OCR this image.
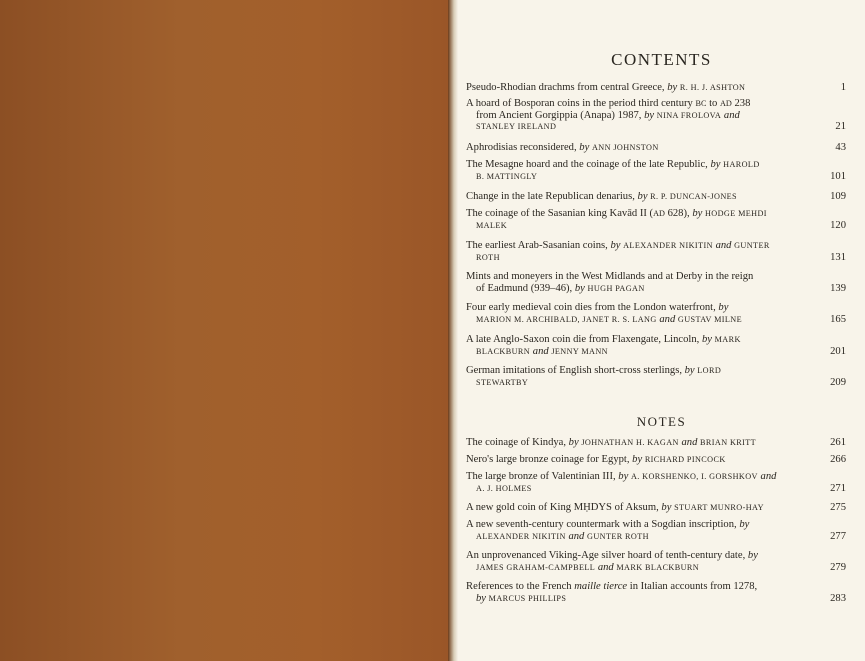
CONTENTS
Pseudo-Rhodian drachms from central Greece, by R. H. J. ASHTON	1
A hoard of Bosporan coins in the period third century BC to AD 238
from Ancient Gorgippia (Anapa) 1987, by NINA FROLOVA and
STANLEY IRELAND	21
Aphrodisias reconsidered, by ANN JOHNSTON	43
The Mesagne hoard and the coinage of the late Republic, by HAROLD
B. MATTINGLY	101
Change in the late Republican denarius, by R. P. DUNCAN-JONES	109
The coinage of the Sasanian king Kavād II (AD 628), by HODGE MEHDI
MALEK	120
The earliest Arab-Sasanian coins, by ALEXANDER NIKITIN and GUNTER
ROTH	131
Mints and moneyers in the West Midlands and at Derby in the reign
of Eadmund (939–46), by HUGH PAGAN	139
Four early medieval coin dies from the London waterfront, by
MARION M. ARCHIBALD, JANET R. S. LANG and GUSTAV MILNE	165
A late Anglo-Saxon coin die from Flaxengate, Lincoln, by MARK
BLACKBURN and JENNY MANN	201
German imitations of English short-cross sterlings, by LORD
STEWARTBY	209
NOTES
The coinage of Kindya, by JOHNATHAN H. KAGAN and BRIAN KRITT	261
Nero's large bronze coinage for Egypt, by RICHARD PINCOCK	266
The large bronze of Valentinian III, by A. KORSHENKO, I. GORSHKOV and
A. J. HOLMES	271
A new gold coin of King MḤDYS of Aksum, by STUART MUNRO-HAY	275
A new seventh-century countermark with a Sogdian inscription, by
ALEXANDER NIKITIN and GUNTER ROTH	277
An unprovenanced Viking-Age silver hoard of tenth-century date, by
JAMES GRAHAM-CAMPBELL and MARK BLACKBURN	279
References to the French maille tierce in Italian accounts from 1278,
by MARCUS PHILLIPS	283
